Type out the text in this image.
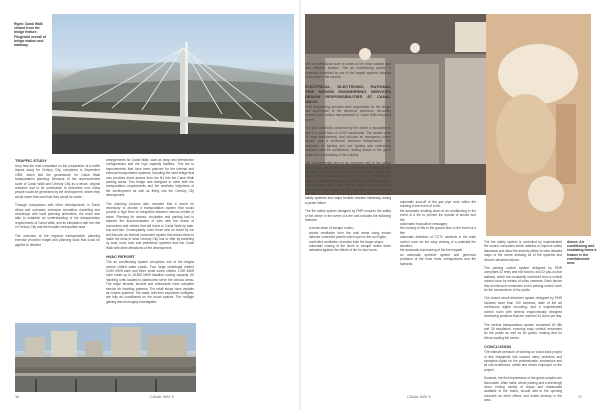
Right: Canal Walk viewed from the bridge feature. Fitzgerald overall of bridge station and walkway.
TRAFFIC STUDY

Arup was the lead consultant on the preparation of a traffic impact study for Century City, completed in September 1998, which laid the groundwork for Canal Walk transportation planning. Because of the unprecedented scale of Canal Walk and Century City as a whole, original research had to be undertaken to determine how many people would be generated by the development, where they would come from and how they would be made.

Through comparison with other developments in South Africa and overseas, extensive simulation modelling and workshops with local planning authorities, the team was able to establish an understanding of the transportation requirements of Canal Walk, and its interaction with the rest of Century City and the broader metropolitan area.

The overview of the regional transportation planning exercise provided insight and planning tools that could be applied to detailed

arrangements for Canal Walk, such as ramp and intersection configurations and the high capacity facilities. This led to improvements that have been planned for the internal and external transportation systems, including the used bridge that now provides direct access from the N1 into the Canal Walk parking areas. This bridge was designed to meet both the transportation requirements and the aesthetic objectives of the development as well as fitting into the Century City development.

The planning process also revealed that it would be necessary to provide a transportation system that would provide a high level of integration between various modes of travel. Planning for access, circulation and parking had to balance the accommodation of cars with the needs of commuters and visitors that will travel to Canal Walk by train, bus and taxi. Consequently, even those who do travel by car will discover an internal movement system that allows them to make the most of what Century City has to offer by travelling by boat, boat, train and pedestrian systems that link Canal Walk with other attractions of the development.

HVAC REPORT

The air conditioning system comprises one of the largest central chilled water plants. Four large centrifugal chillers 3,000 kW/ft each and three small screw chillers 1,050 kW/ft each make up to 15,800 kW/ft installed cooling capacity. Air handling units located in plantrooms serve the various areas. The major tenants, tenants and restaurants have complete service air handling systems. The retail shops have variable air volume systems. The malls, with their expansive rooflights, are fully air conditioned on the broad spaces. The rooflight glazing was thoroughly investigated

with a professional team to arrive at the most suitable and cost effective solution. The air conditioning system is computer controlled by one of the largest systems installed in the state in the country.

ELECTRICAL, ELECTRONIC, RATIONAL FIRE DESIGN ENGINEERING SERVICES DESIGN RESPONSIBILITIES AT CANAL WALK:

PMR Engineering services were responsible for the design and supervision of the electrical, electronic, fire-safety systems and vertical transportation in Canal Walk shopping centre.

The total electricity consumed by the centre is equivalent to that of a small town of 2,000 households. The system uses 28 main transformers, and includes an emergency power system and a multi-level electrical infrastructure. The emphasis on lighting and roof lighting was extensively designed with the architecture, adding drama to the grand scale and rich detailing of the building.

The environmental area is an important part of the centre and boasts one of the most sophisticated lighting control systems in the country. It employs intelligent lighting and stage effects usually found only in major entertainment venues. A centralised computer controlled mimicking system with a secure web page enables users to monitor their current and past electricity, gas and water consumption at the click of a mouse. Stand-by power ensures that the life-safety systems and major tenants function flawlessly during a power failure.

The fire safety system designed by PMR ensures the safety of the centre in the event of a fire and includes the following features:

a break-down of escape routes;
smoke ventilation from the mall areas using smoke detector controlled panels which open in the roof lights;
controlled ventilation of smoke from the larger shops;
automatic closing of fire doors to escape routes when activated against the effects of fire for two hours;
automatic shut-off of the gas pipe work within the building in the event of a fire;
the automatic shutting down of air conditioning in the event of a fire to prevent the spread of smoke and fire;
automated evacuation messages;
the homing of lifts to the ground floor in the event of a fire;
automatic detection of CCTV cameras in the main control room for the easy viewing of a potential fire situation;
the automatic summoning of the fire brigade.
an automatic sprinkler system and generous provision of fire hose reels, extinguishers and fire hydrants.
Above: Air conditioning and escalating items a feature in the entertainment area.

The fire safety system is controlled by sophisticated fire control computers which address to improve safety standards and allow the security officer to view detailed maps of the centre showing all of the systems and devices described above.

The parking control system designed by PMR comprises 42 entry and exit booms, and 22 pay-on-foot stations, which are constantly monitored from a central control room by means of video cameras. Each device has an intercom connection to the parking control room for the convenience of the public.

The closed circuit television system designed by PMR includes more than 100 cameras, state of the art continuous digital recording, and a sophisticated control room with several ergonomically designed monitoring positions that are manned 24 hours per day.

The vertical transportation system comprises 60 lifts and 34 escalators, ensuring easy vertical movement for the public as well as for goods, making and for fixture loading the centre.

CONCLUSION

The intimate pressure of working on a fast track project of this magnitude has caused many problems and sleepless nights for the professionals, contractors and all sub-contractors, artists and others employed on the project.

However, the first impressions of the great complex are favourable. Wide malls, whole parking and a seemingly never ending variety of shops and restaurants available to the visitor, should add to the opening chronicle as other offices and hotels develop in the area.

36	CANAL WAY 8	CANAL WAY 8	37
